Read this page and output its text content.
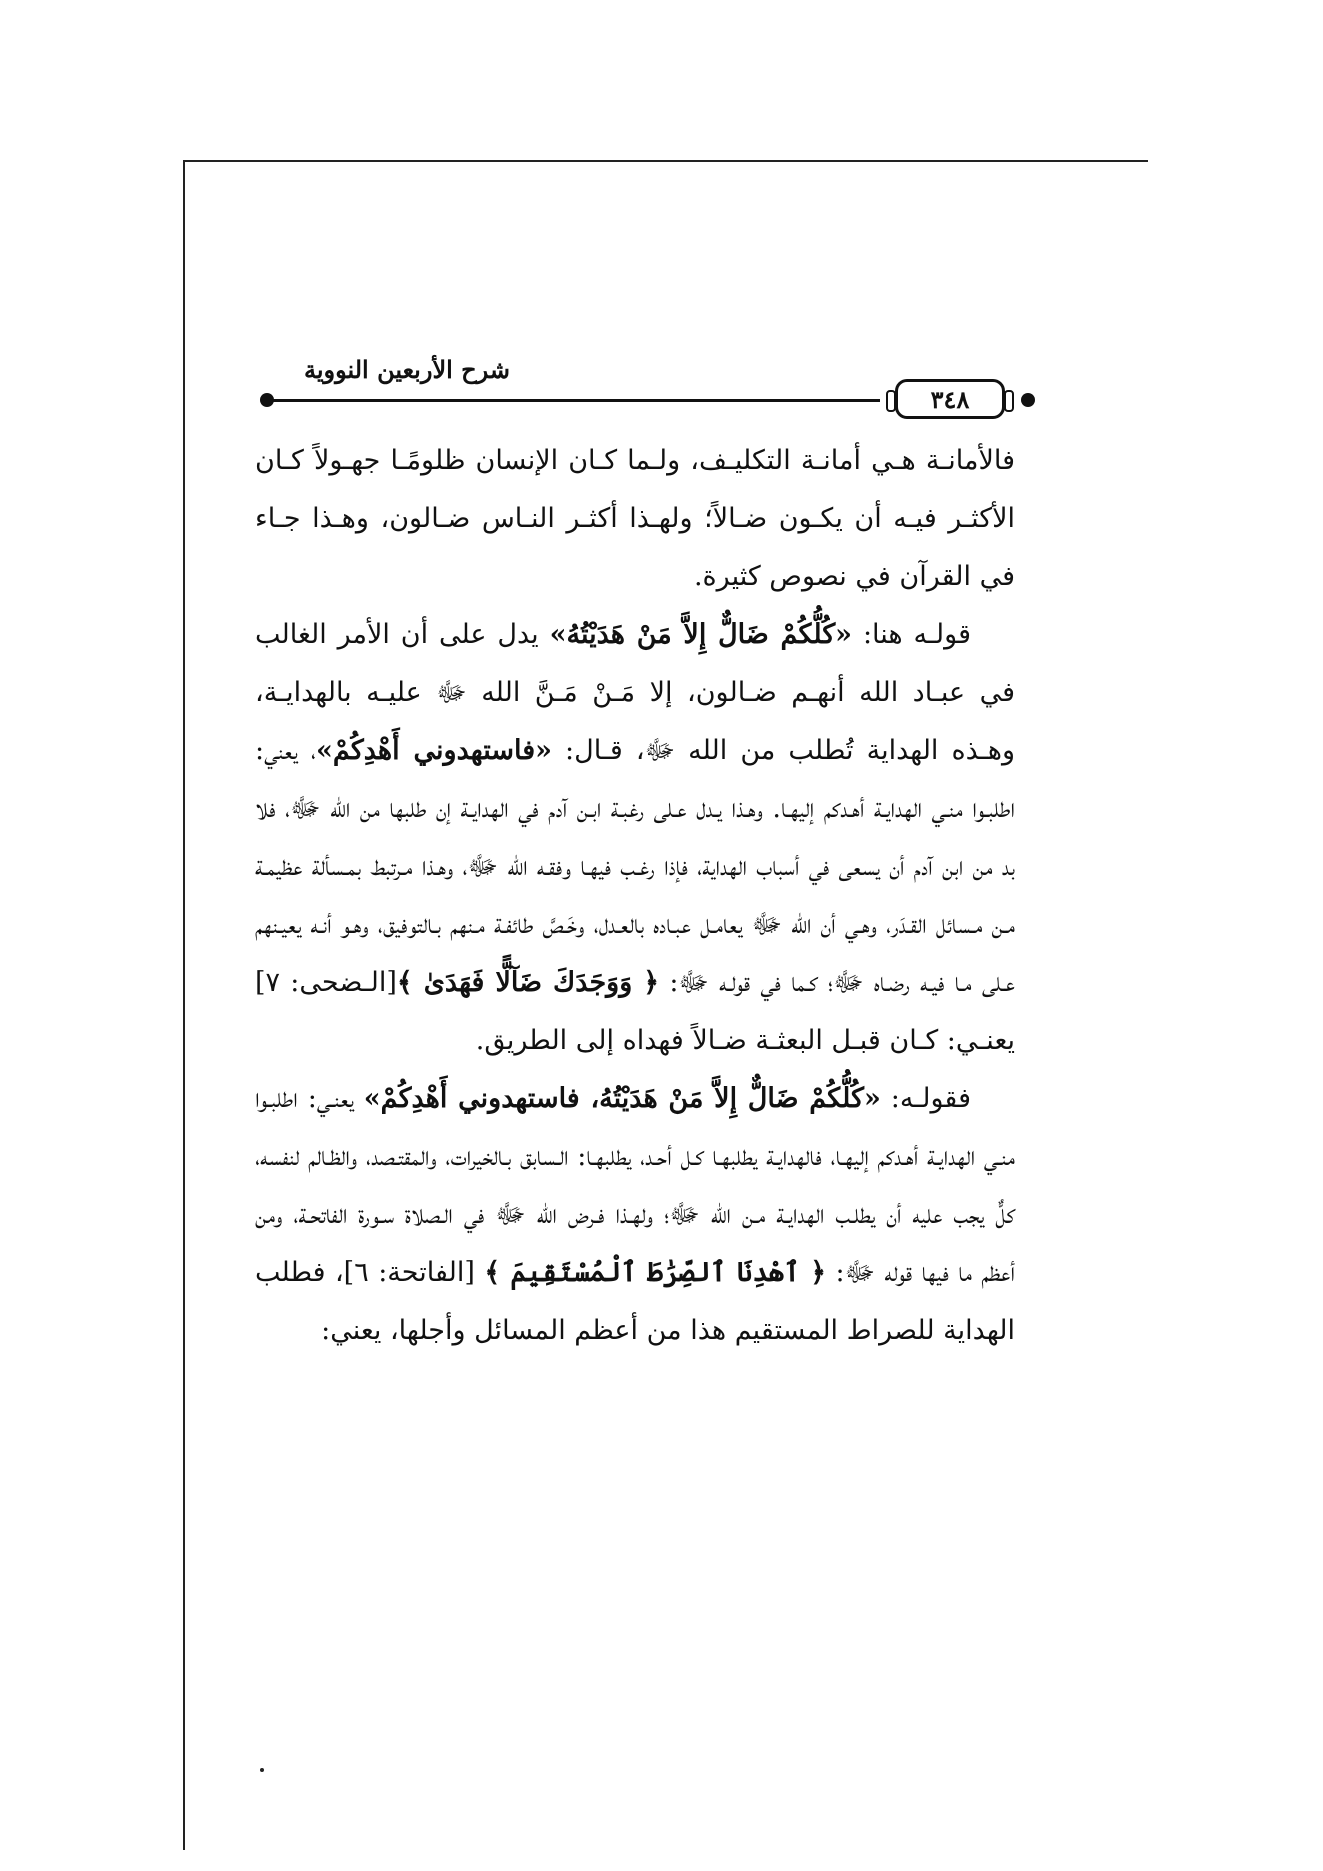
شرح الأربعين النووية
٣٤٨

فالأمانـة هـي أمانـة التكليـف، ولـما كـان الإنسان ظلومًـا جهـولاً كـان الأكثـر فيـه أن يكـون ضـالاً؛ ولهـذا أكثـر النـاس ضـالون، وهـذا جـاء في القرآن في نصوص كثيرة.

قولـه هنا: «كُلُّكُمْ ضَالٌّ إِلاَّ مَنْ هَدَيْتُهُ» يدل على أن الأمر الغالب في عبـاد الله أنهـم ضـالون، إلا مَـنْ مَـنَّ الله ﷻ عليـه بالهدايـة، وهـذه الهداية تُطلب من الله ﷻ، قـال: «فاستهدوني أَهْدِكُمْ»، يعني: اطلبـوا منـي الهدايـة أهـدكم إليهـا. وهـذا يـدل عـلى رغبـة ابـن آدم في الهدايـة إن طلبها من الله ﷻ، فلا بد من ابن آدم أن يسعى في أسباب الهداية، فإذا رغـب فيهـا وفقـه الله ﷻ، وهـذا مـرتبط بمـسألة عظيمـة مـن مـسائل القـدَر، وهـي أن الله ﷻ يعامـل عبـاده بالعـدل، وخَـصَّ طائفـة مـنهم بـالتوفيق، وهـو أنـه يعيـنهم عـلى مـا فيـه رضـاه ﷻ؛ كـما في قولـه ﷻ: ﴿ وَوَجَدَكَ ضَآلًّا فَهَدَىٰ ﴾[الـضحى: ٧] يعنـي: كـان قبـل البعثـة ضـالاً فهداه إلى الطريق.

فقولـه: «كُلُّكُمْ ضَالٌّ إِلاَّ مَنْ هَدَيْتُهُ، فاستهدوني أَهْدِكُمْ» يعنـي: اطلبـوا منـي الهدايـة أهـدكم إليهـا، فالهدايـة يطلبهـا كـل أحـد، يطلبهـا: الـسابق بـالخيرات، والمقتـصد، والظـالم لنفسه، كلٌّ يجب عليه أن يطلـب الهدايـة مـن الله ﷻ؛ ولهـذا فـرض الله ﷻ في الـصلاة سـورة الفاتحـة، ومن أعظم ما فيها قوله ﷻ: ﴿ ٱهْدِنَا ٱلصِّرَٰطَ ٱلْمُسْتَقِيمَ ﴾ [الفاتحة: ٦]، فطلب الهداية للصراط المستقيم هذا من أعظم المسائل وأجلها، يعني:
